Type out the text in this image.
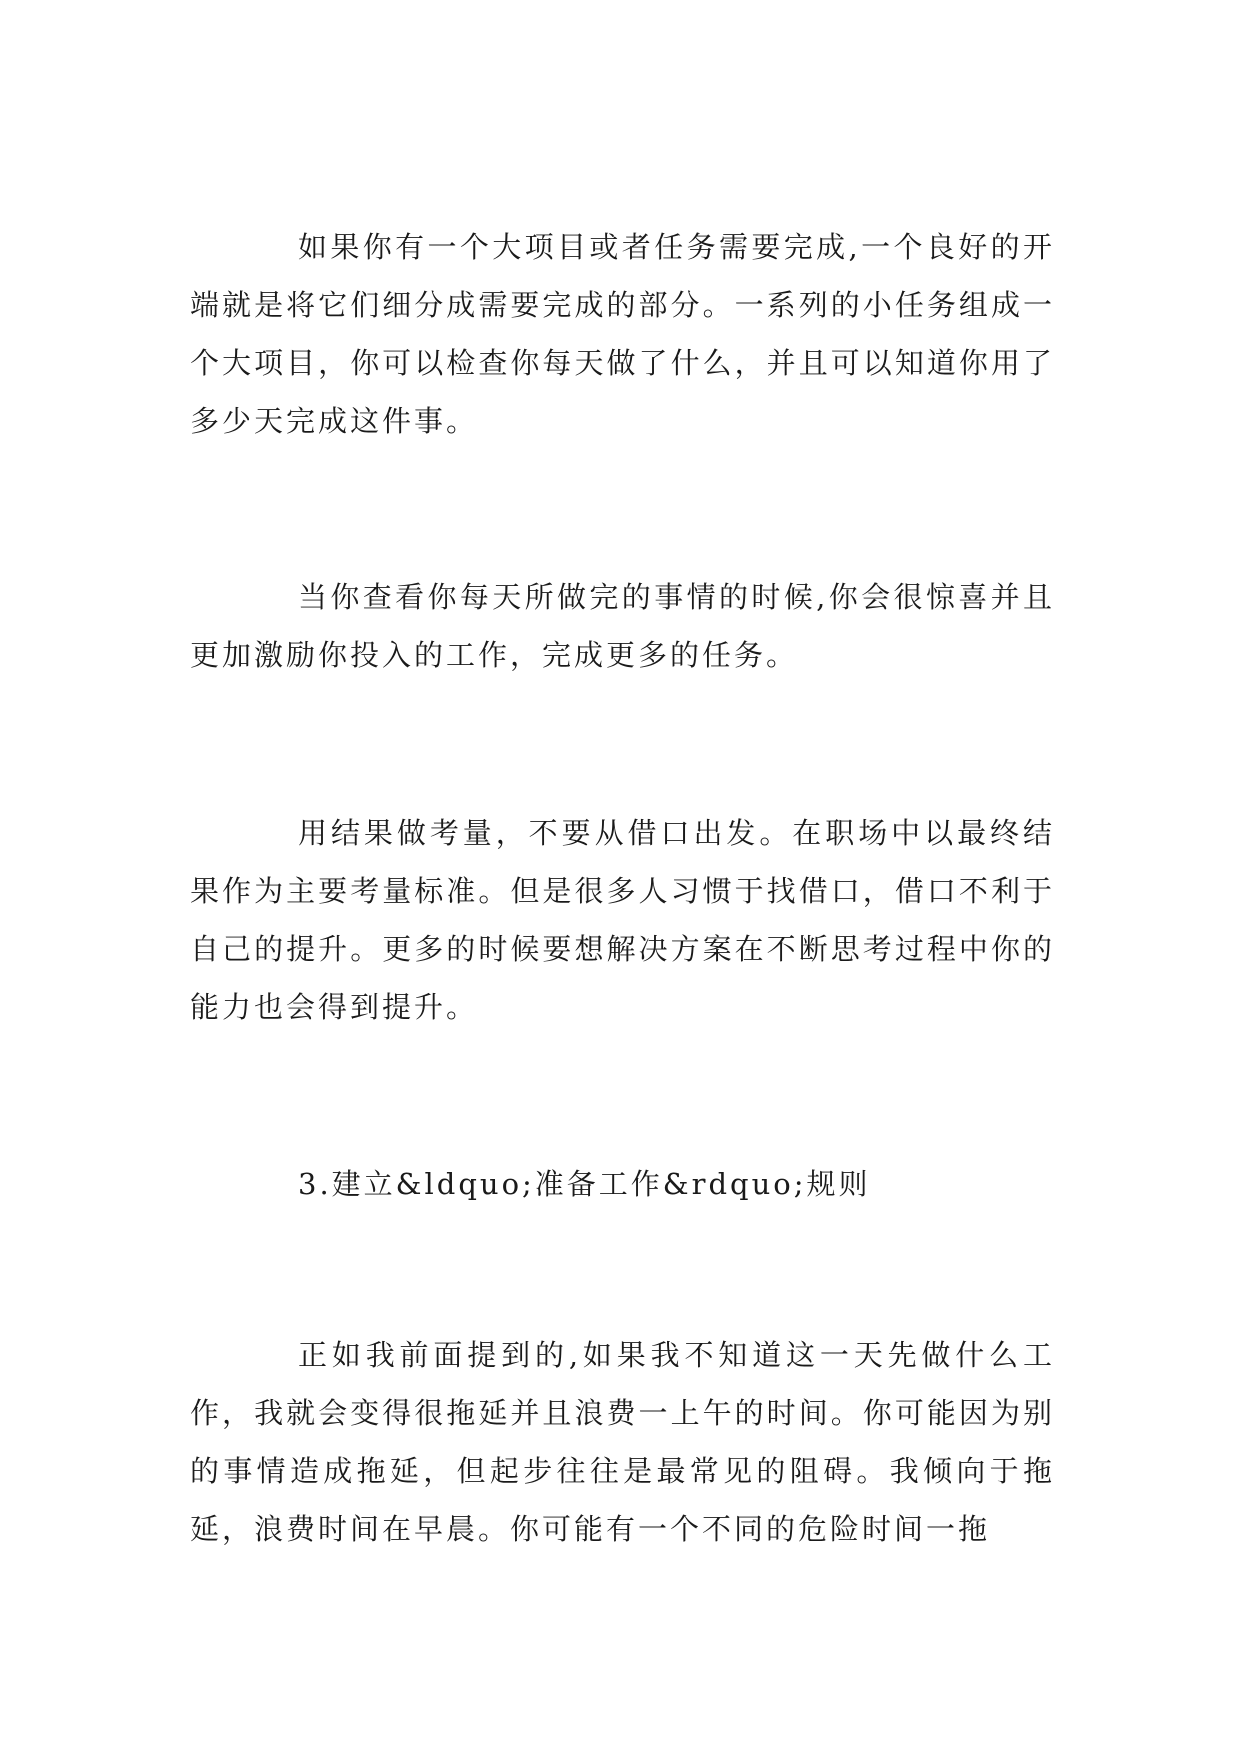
如果你有一个大项目或者任务需要完成,一个良好的开端就是将它们细分成需要完成的部分。一系列的小任务组成一个大项目，你可以检查你每天做了什么，并且可以知道你用了多少天完成这件事。

当你查看你每天所做完的事情的时候,你会很惊喜并且更加激励你投入的工作，完成更多的任务。

用结果做考量，不要从借口出发。在职场中以最终结果作为主要考量标准。但是很多人习惯于找借口，借口不利于自己的提升。更多的时候要想解决方案在不断思考过程中你的能力也会得到提升。

3.建立&ldquo;准备工作&rdquo;规则

正如我前面提到的,如果我不知道这一天先做什么工作，我就会变得很拖延并且浪费一上午的时间。你可能因为别的事情造成拖延，但起步往往是最常见的阻碍。我倾向于拖延，浪费时间在早晨。你可能有一个不同的危险时间一拖
